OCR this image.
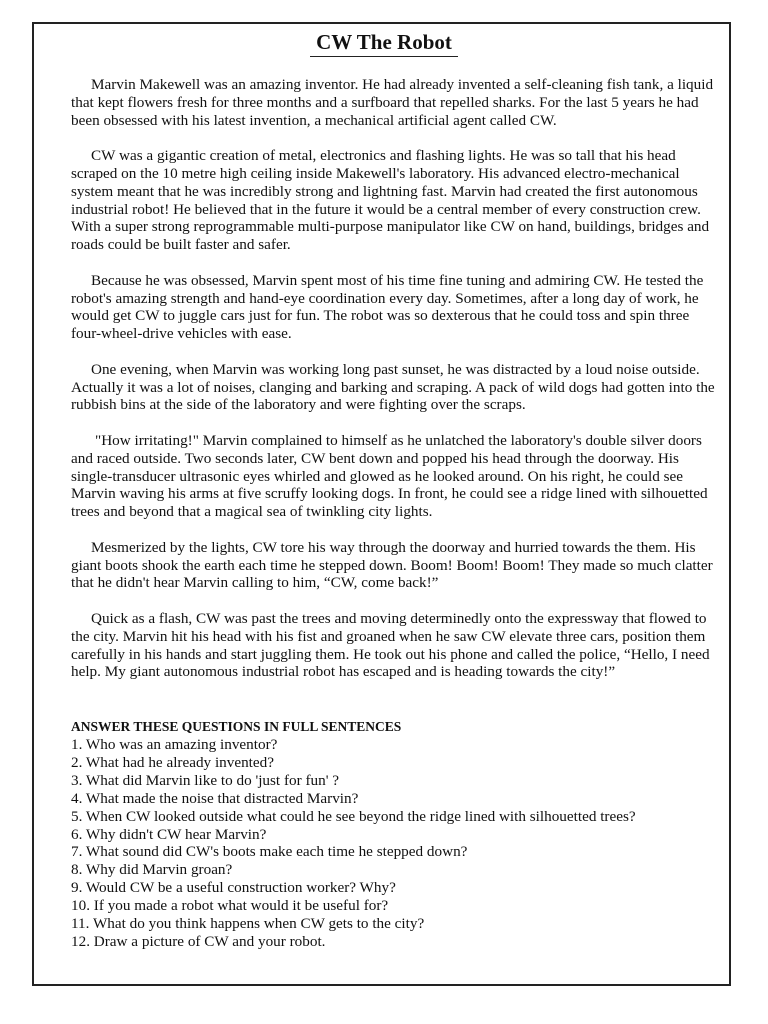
CW The Robot

Marvin Makewell was an amazing inventor. He had already invented a self-cleaning fish tank, a liquid that kept flowers fresh for three months and a surfboard that repelled sharks. For the last 5 years he had been obsessed with his latest invention, a mechanical artificial agent called CW.

CW was a gigantic creation of metal, electronics and flashing lights. He was so tall that his head scraped on the 10 metre high ceiling inside Makewell's laboratory. His advanced electro-mechanical system meant that he was incredibly strong and lightning fast. Marvin had created the first autonomous industrial robot! He believed that in the future it would be a central member of every construction crew. With a super strong reprogrammable multi-purpose manipulator like CW on hand, buildings, bridges and roads could be built faster and safer.

Because he was obsessed, Marvin spent most of his time fine tuning and admiring CW. He tested the robot's amazing strength and hand-eye coordination every day. Sometimes, after a long day of work, he would get CW to juggle cars just for fun. The robot was so dexterous that he could toss and spin three four-wheel-drive vehicles with ease.

One evening, when Marvin was working long past sunset, he was distracted by a loud noise outside. Actually it was a lot of noises, clanging and barking and scraping. A pack of wild dogs had gotten into the rubbish bins at the side of the laboratory and were fighting over the scraps.

"How irritating!" Marvin complained to himself as he unlatched the laboratory's double silver doors and raced outside. Two seconds later, CW bent down and popped his head through the doorway. His single-transducer ultrasonic eyes whirled and glowed as he looked around. On his right, he could see Marvin waving his arms at five scruffy looking dogs. In front, he could see a ridge lined with silhouetted trees and beyond that a magical sea of twinkling city lights.

Mesmerized by the lights, CW tore his way through the doorway and hurried towards the them. His giant boots shook the earth each time he stepped down. Boom! Boom! Boom! They made so much clatter that he didn't hear Marvin calling to him, “CW, come back!”

Quick as a flash, CW was past the trees and moving determinedly onto the expressway that flowed to the city. Marvin hit his head with his fist and groaned when he saw CW elevate three cars, position them carefully in his hands and start juggling them. He took out his phone and called the police, “Hello, I need help. My giant autonomous industrial robot has escaped and is heading towards the city!”

ANSWER THESE QUESTIONS IN FULL SENTENCES
1. Who was an amazing inventor?
2. What had he already invented?
3. What did Marvin like to do 'just for fun' ?
4. What made the noise that distracted Marvin?
5. When CW looked outside what could he see beyond the ridge lined with silhouetted trees?
6. Why didn't CW hear Marvin?
7. What sound did CW's boots make each time he stepped down?
8. Why did Marvin groan?
9. Would CW be a useful construction worker? Why?
10. If you made a robot what would it be useful for?
11. What do you think happens when CW gets to the city?
12. Draw a picture of CW and your robot.
